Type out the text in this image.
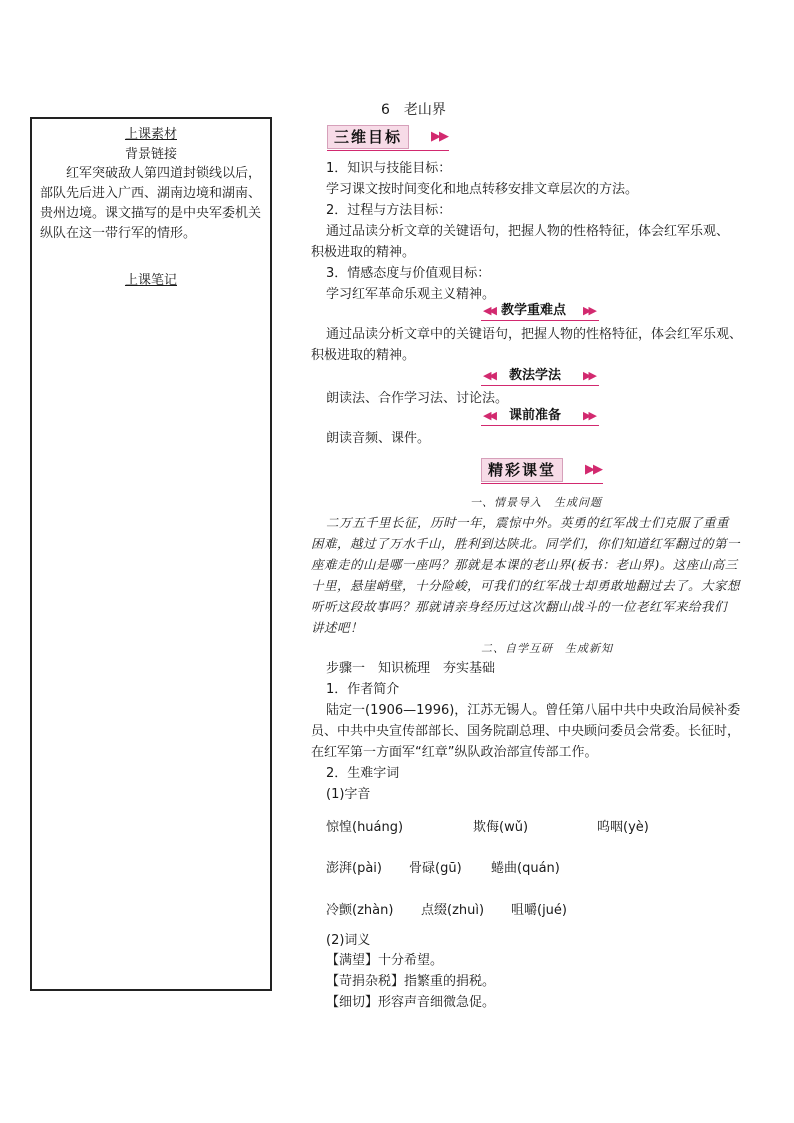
6　老山界
上课素材
背景链接
红军突破敌人第四道封锁线以后，部队先后进入广西、湖南边境和湖南、贵州边境。课文描写的是中央军委机关纵队在这一带行军的情形。
上课笔记
三维目标	▶▶
1．知识与技能目标：
学习课文按时间变化和地点转移安排文章层次的方法。
2．过程与方法目标：
通过品读分析文章的关键语句，把握人物的性格特征，体会红军乐观、
积极进取的精神。
3．情感态度与价值观目标：
学习红军革命乐观主义精神。
◀◀ 教学重难点 ▶▶
通过品读分析文章中的关键语句，把握人物的性格特征，体会红军乐观、
积极进取的精神。
◀◀ 教法学法 ▶▶
朗读法、合作学习法、讨论法。
◀◀ 课前准备 ▶▶
朗读音频、课件。
精彩课堂	▶▶
一、情景导入　生成问题

二万五千里长征，历时一年，震惊中外。英勇的红军战士们克服了重重

困难，越过了万水千山，胜利到达陕北。同学们，你们知道红军翻过的第一

座难走的山是哪一座吗？那就是本课的老山界(板书：老山界)。这座山高三

十里，悬崖峭壁，十分险峻，可我们的红军战士却勇敢地翻过去了。大家想

听听这段故事吗？那就请亲身经历过这次翻山战斗的一位老红军来给我们

讲述吧！

二、自学互研　生成新知
步骤一　知识梳理　夯实基础
1．作者简介
陆定一(1906—1996)，江苏无锡人。曾任第八届中共中央政治局候补委
员、中共中央宣传部部长、国务院副总理、中央顾问委员会常委。长征时，
在红军第一方面军“红章”纵队政治部宣传部工作。
2．生难字词
(1)字音
惊惶(huáng)	欺侮(wǔ)	呜咽(yè)
澎湃(pài) 骨碌(gū) 蜷曲(quán)
冷颤(zhàn) 点缀(zhuì) 咀嚼(jué)
(2)词义
【满望】十分希望。
【苛捐杂税】指繁重的捐税。
【细切】形容声音细微急促。
